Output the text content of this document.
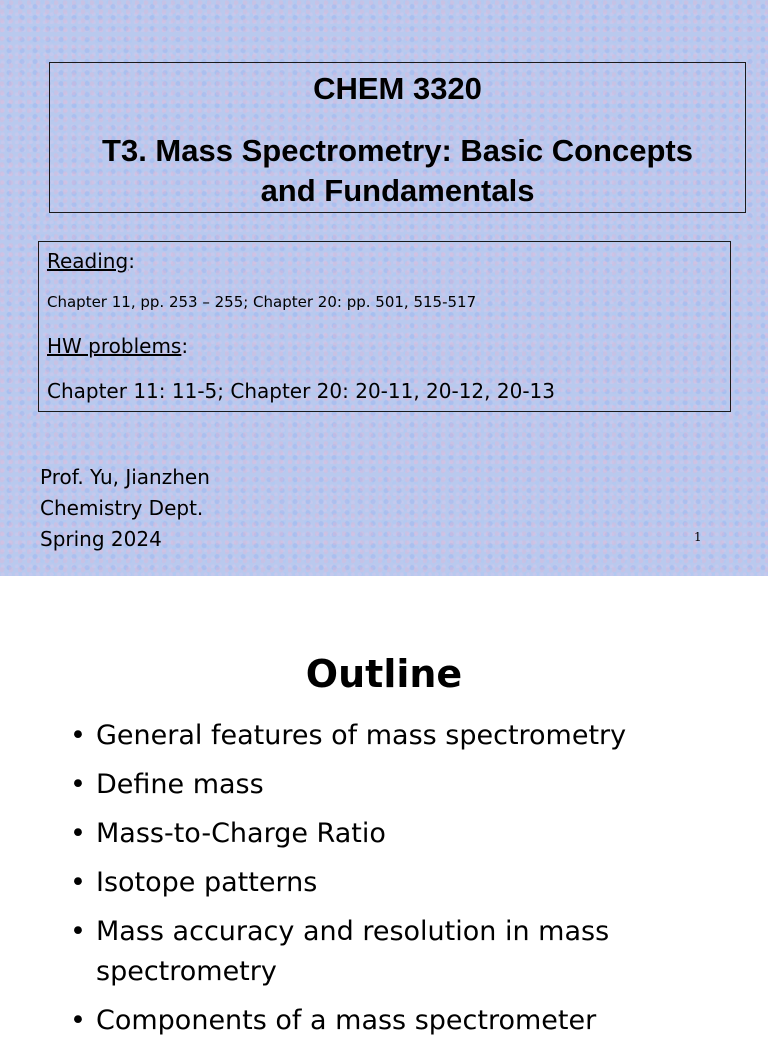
CHEM 3320
T3. Mass Spectrometry: Basic Concepts
and Fundamentals
Reading:
Chapter 11, pp. 253 – 255; Chapter 20: pp. 501, 515-517
HW problems:
Chapter 11: 11-5; Chapter 20: 20-11, 20-12, 20-13
Prof. Yu, Jianzhen
Chemistry Dept.
Spring 2024	1
Outline
• General features of mass spectrometry
• Define mass
• Mass-to-Charge Ratio
• Isotope patterns
• Mass accuracy and resolution in mass spectrometry
• Components of a mass spectrometer
